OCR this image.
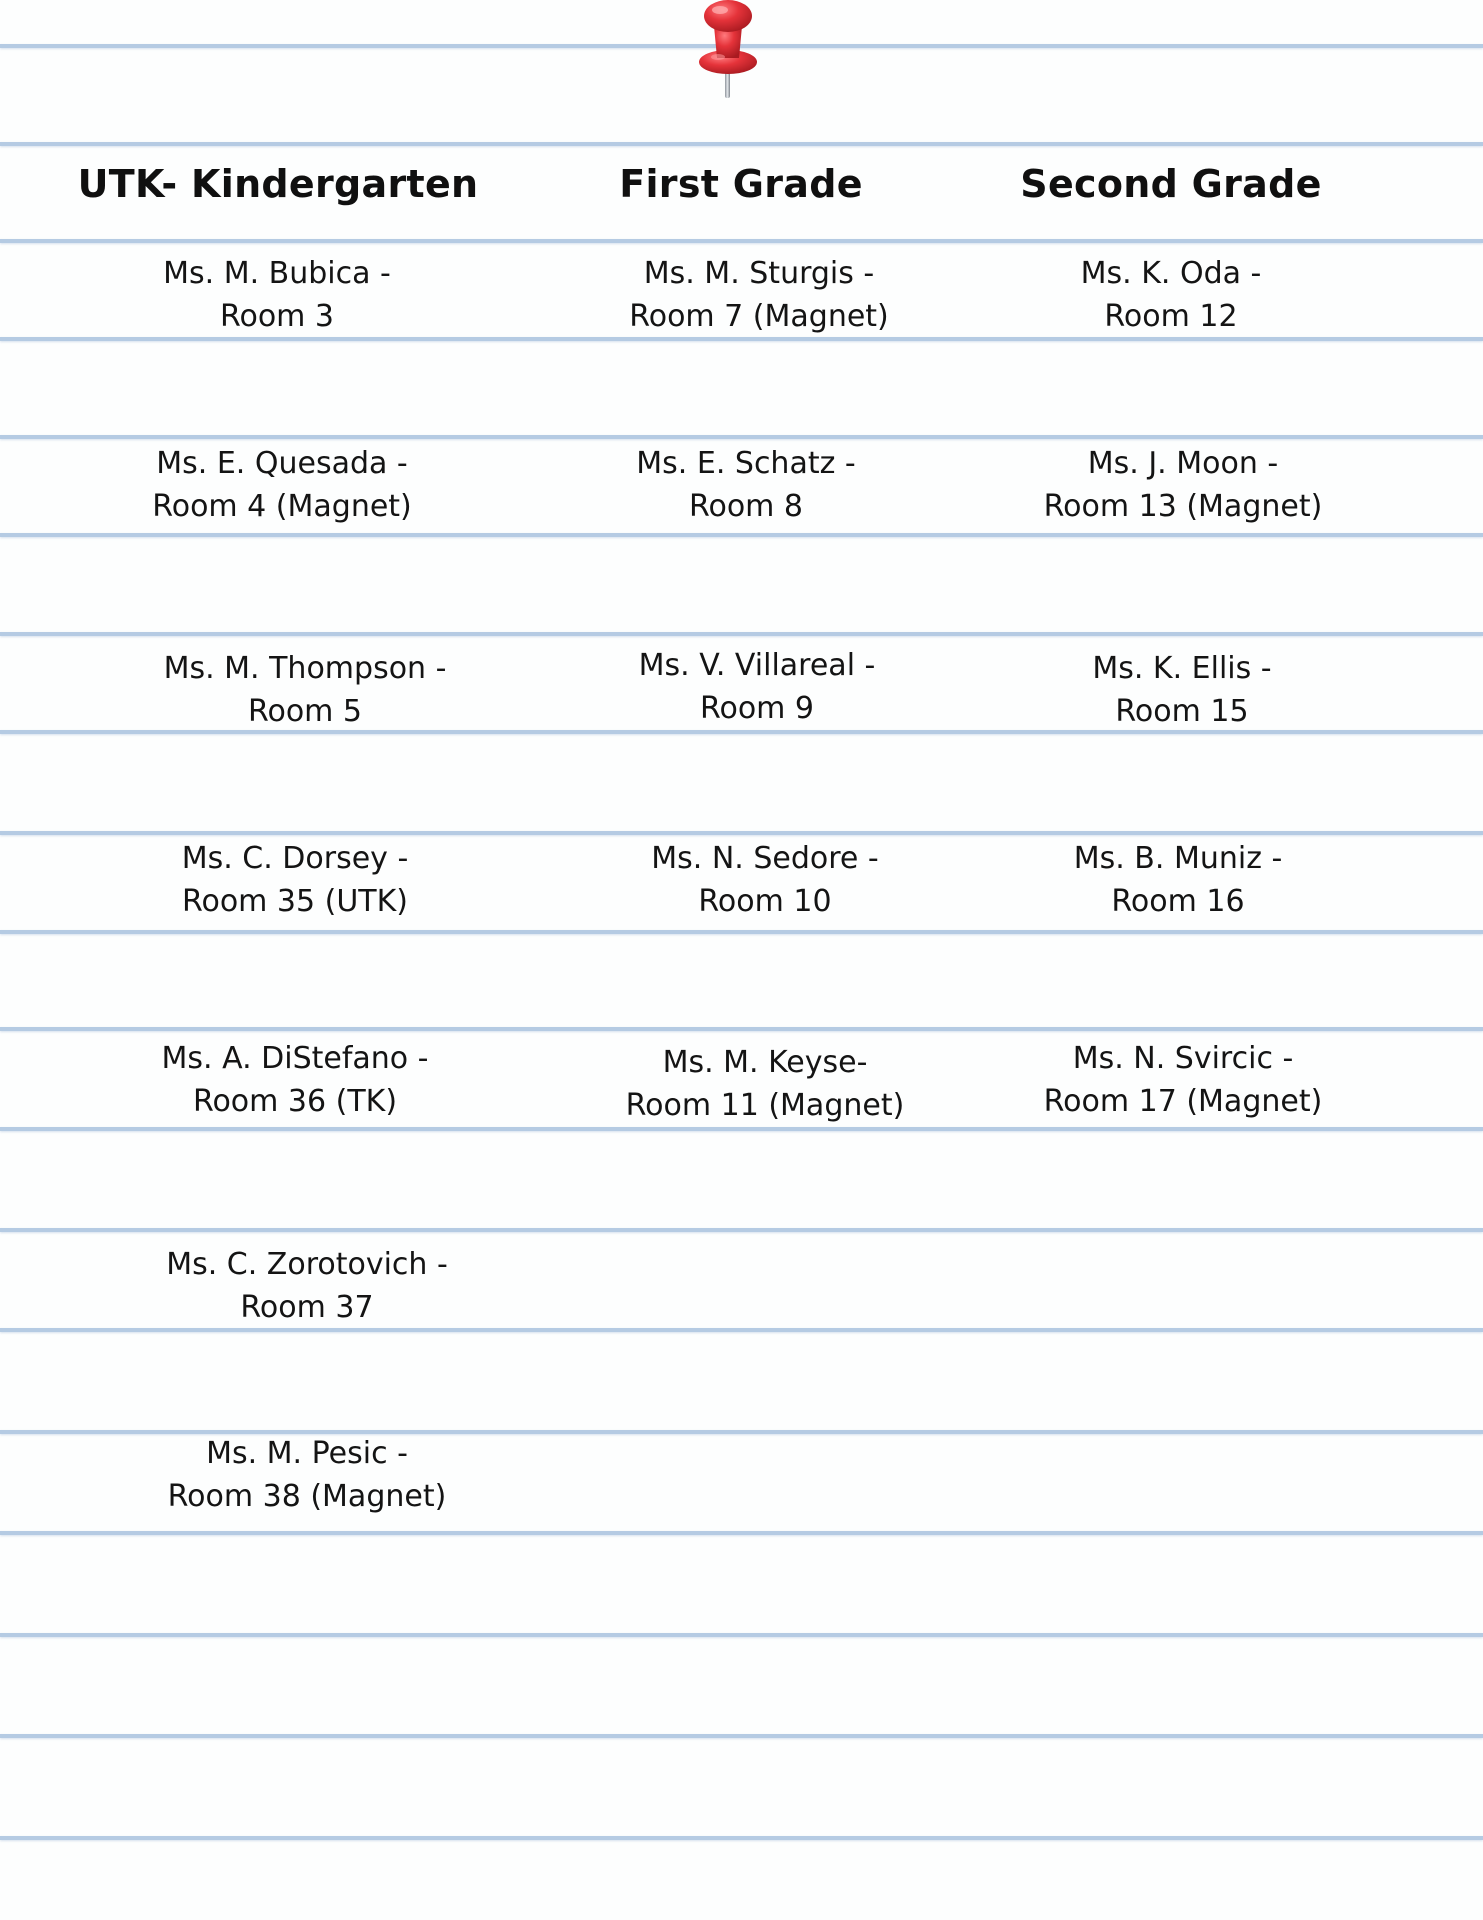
UTK- Kindergarten	First Grade	Second Grade
Ms. M. Bubica -
Room 3
Ms. E. Quesada -
Room 4 (Magnet)
Ms. M. Thompson -
Room 5
Ms. C. Dorsey -
Room 35 (UTK)
Ms. A. DiStefano -
Room 36 (TK)
Ms. C. Zorotovich -
Room 37
Ms. M. Pesic -
Room 38 (Magnet)
Ms. M. Sturgis -
Room 7 (Magnet)
Ms. E. Schatz -
Room 8
Ms. V. Villareal -
Room 9
Ms. N. Sedore -
Room 10
Ms. M. Keyse-
Room 11 (Magnet)
Ms. K. Oda -
Room 12
Ms. J. Moon -
Room 13 (Magnet)
Ms. K. Ellis -
Room 15
Ms. B. Muniz -
Room 16
Ms. N. Svircic -
Room 17 (Magnet)
